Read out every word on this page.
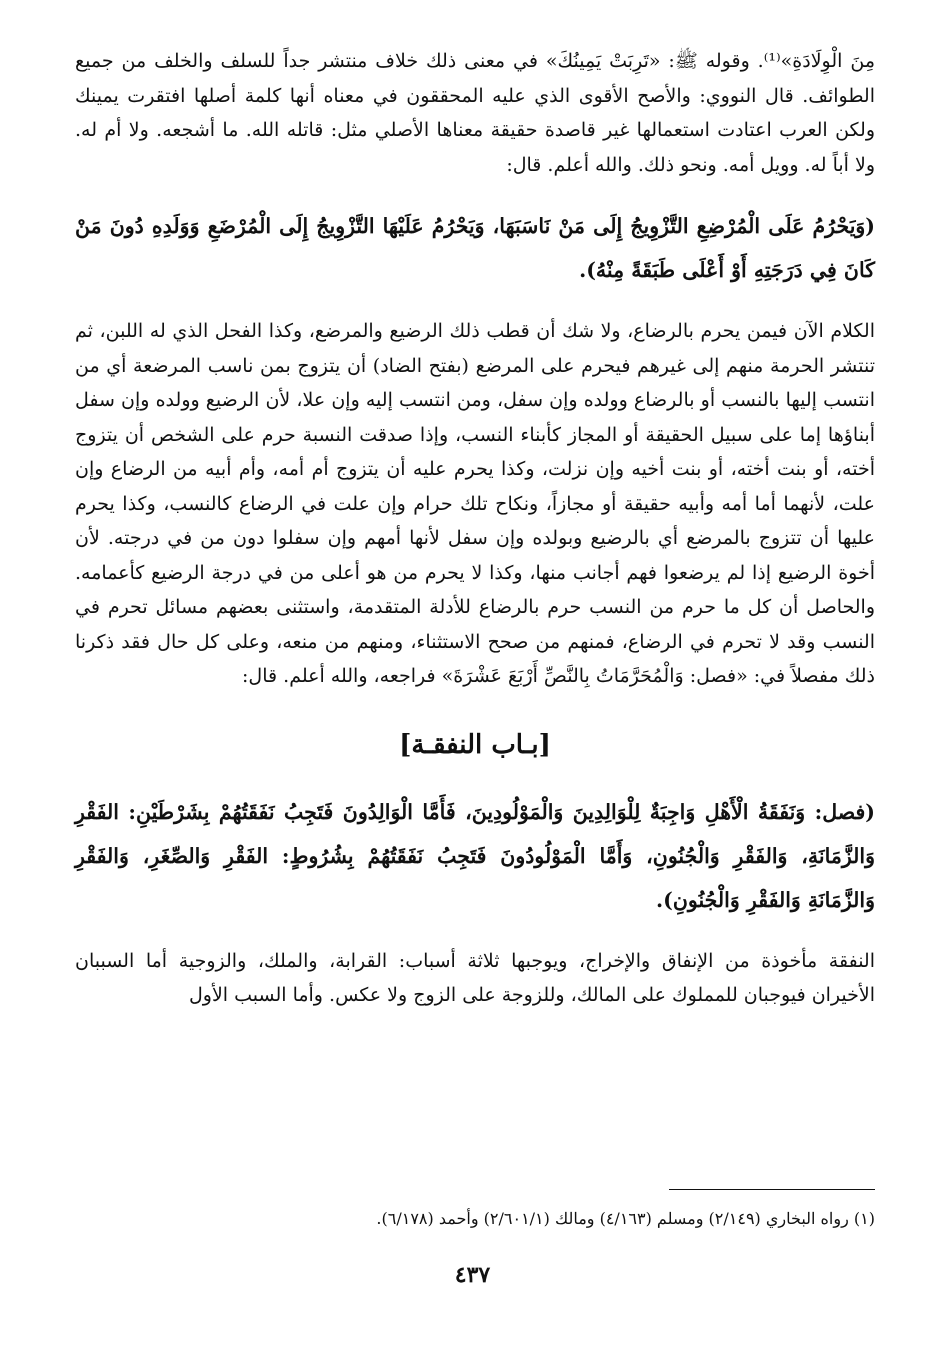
مِنَ الْوِلَادَةِ»⁽¹⁾. وقوله ﷺ: «تَرِبَتْ يَمِينُكَ» في معنى ذلك خلاف منتشر جداً للسلف والخلف من جميع الطوائف. قال النووي: والأصح الأقوى الذي عليه المحققون في معناه أنها كلمة أصلها افتقرت يمينك ولكن العرب اعتادت استعمالها غير قاصدة حقيقة معناها الأصلي مثل: قاتله الله. ما أشجعه. ولا أم له. ولا أباً له. وويل أمه. ونحو ذلك. والله أعلم. قال:

(وَيَحْرُمُ عَلَى الْمُرْضِعِ التَّزْوِيجُ إِلَى مَنْ نَاسَبَهَا، وَيَحْرُمُ عَلَيْهَا التَّزْوِيجُ إِلَى الْمُرْضَعِ وَوَلَدِهِ دُونَ مَنْ كَانَ فِي دَرَجَتِهِ أَوْ أَعْلَى طَبَقَةً مِنْهُ).

الكلام الآن فيمن يحرم بالرضاع، ولا شك أن قطب ذلك الرضيع والمرضع، وكذا الفحل الذي له اللبن، ثم تنتشر الحرمة منهم إلى غيرهم فيحرم على المرضع (بفتح الضاد) أن يتزوج بمن ناسب المرضعة أي من انتسب إليها بالنسب أو بالرضاع وولده وإن سفل، ومن انتسب إليه وإن علا، لأن الرضيع وولده وإن سفل أبناؤها إما على سبيل الحقيقة أو المجاز كأبناء النسب، وإذا صدقت النسبة حرم على الشخص أن يتزوج أخته، أو بنت أخته، أو بنت أخيه وإن نزلت، وكذا يحرم عليه أن يتزوج أم أمه، وأم أبيه من الرضاع وإن علت، لأنهما أما أمه وأبيه حقيقة أو مجازاً، ونكاح تلك حرام وإن علت في الرضاع كالنسب، وكذا يحرم عليها أن تتزوج بالمرضع أي بالرضيع وبولده وإن سفل لأنها أمهم وإن سفلوا دون من في درجته. لأن أخوة الرضيع إذا لم يرضعوا فهم أجانب منها، وكذا لا يحرم من هو أعلى من في درجة الرضيع كأعمامه. والحاصل أن كل ما حرم من النسب حرم بالرضاع للأدلة المتقدمة، واستثنى بعضهم مسائل تحرم في النسب وقد لا تحرم في الرضاع، فمنهم من صحح الاستثناء، ومنهم من منعه، وعلى كل حال فقد ذكرنا ذلك مفصلاً في: «فصل: وَالْمُحَرَّمَاتُ بِالنَّصِّ أَرْبَعَ عَشْرَةَ» فراجعه، والله أعلم. قال:

[بـاب النفقـة]

(فصل: وَنَفَقَةُ الْأَهْلِ وَاجِبَةٌ لِلْوَالِدِينَ وَالْمَوْلُودِينَ، فَأَمَّا الْوَالِدُونَ فَتَجِبُ نَفَقَتُهُمْ بِشَرْطَيْنِ: الفَقْرِ وَالزَّمَانَةِ، وَالفَقْرِ وَالْجُنُونِ، وَأَمَّا الْمَوْلُودُونَ فَتَجِبُ نَفَقَتُهُمْ بِشُرُوطٍ: الفَقْرِ وَالصِّغَرِ، وَالفَقْرِ وَالزَّمَانَةِ وَالفَقْرِ وَالْجُنُونِ).

النفقة مأخوذة من الإنفاق والإخراج، ويوجبها ثلاثة أسباب: القرابة، والملك، والزوجية أما السببان الأخيران فيوجبان للمملوك على المالك، وللزوجة على الزوج ولا عكس. وأما السبب الأول

(١) رواه البخاري (٢/١٤٩) ومسلم (٤/١٦٣) ومالك (٢/٦٠١/١) وأحمد (٦/١٧٨).
٤٣٧
